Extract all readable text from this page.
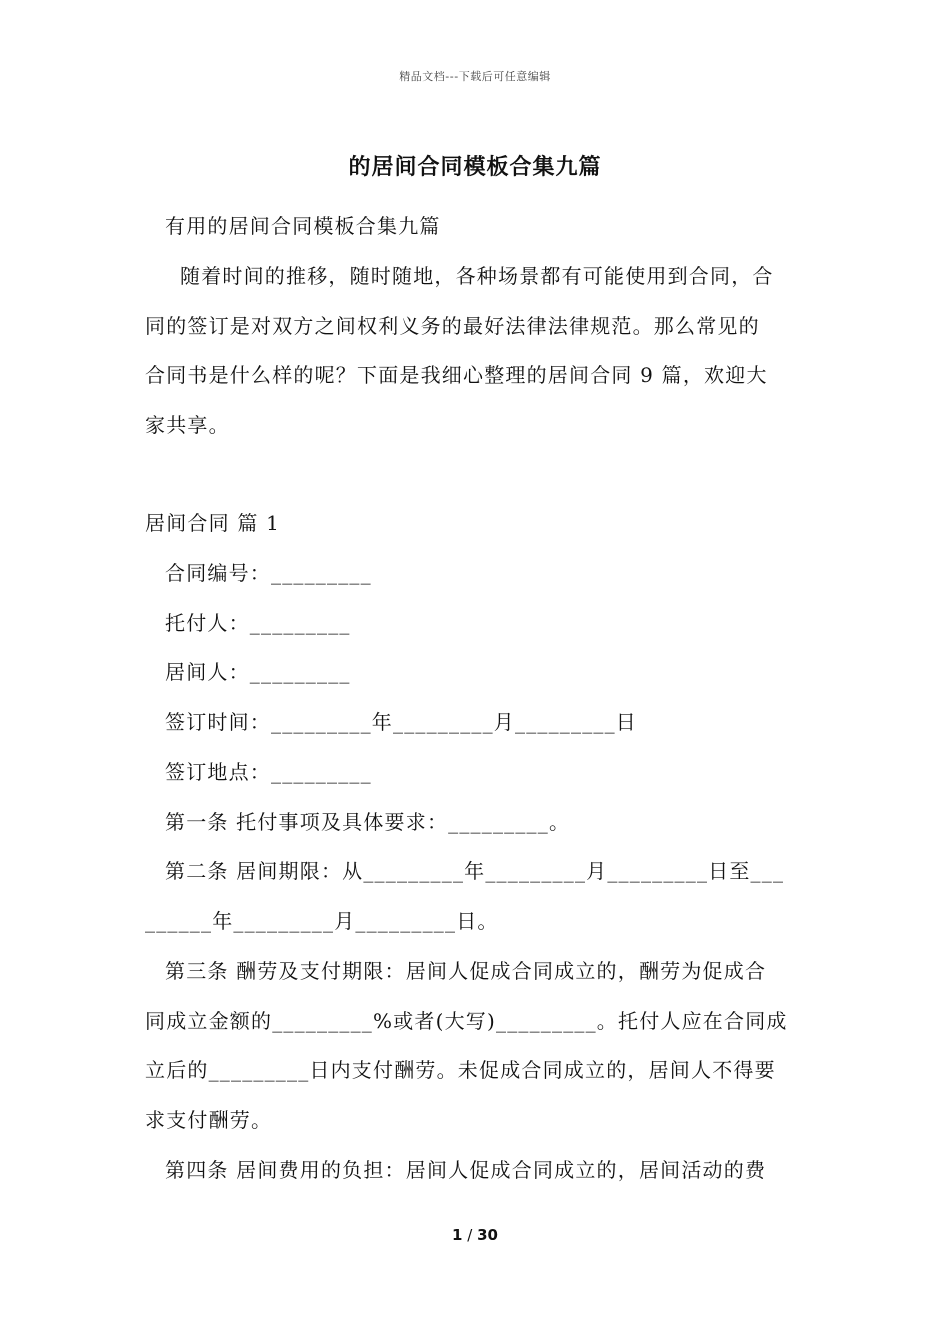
精品文档---下载后可任意编辑
的居间合同模板合集九篇
有用的居间合同模板合集九篇
随着时间的推移，随时随地，各种场景都有可能使用到合同，合
同的签订是对双方之间权利义务的最好法律法律规范。那么常见的
合同书是什么样的呢？下面是我细心整理的居间合同 9 篇，欢迎大
家共享。
居间合同 篇 1
合同编号：_________
托付人：_________
居间人：_________
签订时间：_________年_________月_________日
签订地点：_________
第一条 托付事项及具体要求：_________。
第二条 居间期限：从_________年_________月_________日至___
______年_________月_________日。
第三条 酬劳及支付期限：居间人促成合同成立的，酬劳为促成合
同成立金额的_________%或者(大写)_________。托付人应在合同成
立后的_________日内支付酬劳。未促成合同成立的，居间人不得要
求支付酬劳。
第四条 居间费用的负担：居间人促成合同成立的，居间活动的费
1 / 30
